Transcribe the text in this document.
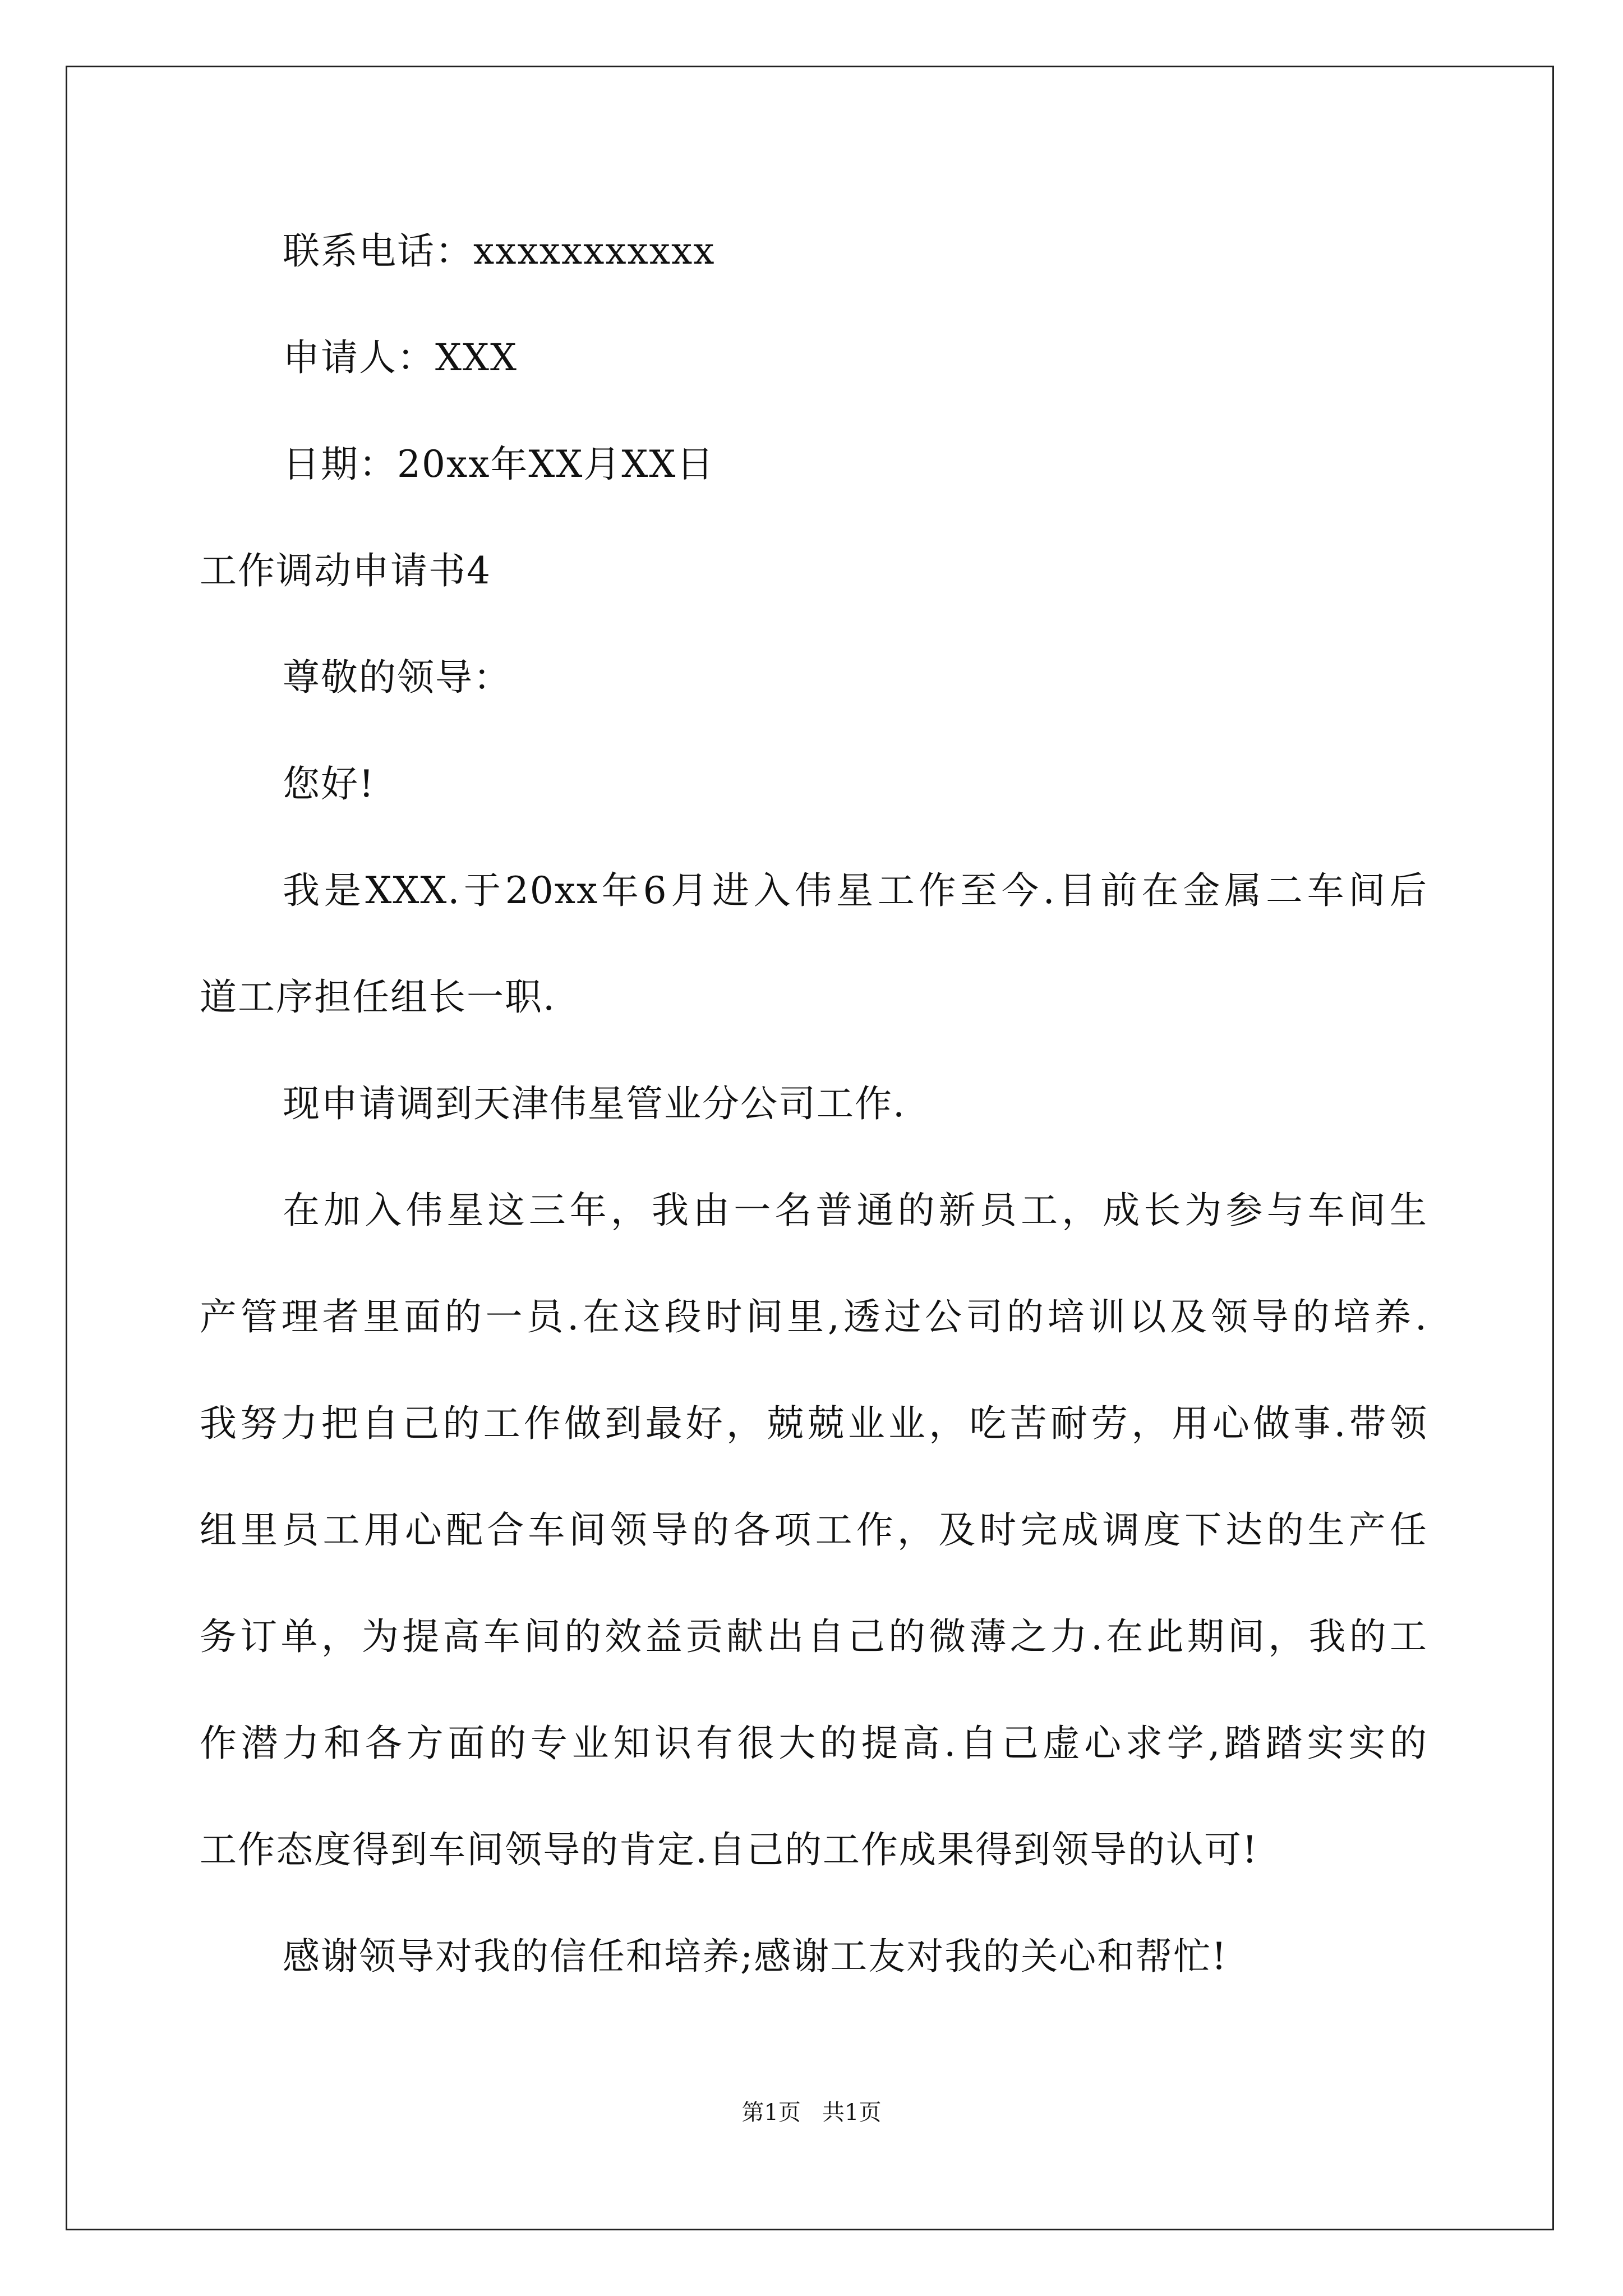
联系电话：xxxxxxxxxxx
申请人：XXX
日期：20xx年XX月XX日
工作调动申请书4
尊敬的领导：
您好!
我是XXX.于20xx年6月进入伟星工作至今.目前在金属二车间后
道工序担任组长一职.
现申请调到天津伟星管业分公司工作.
在加入伟星这三年，我由一名普通的新员工，成长为参与车间生
产管理者里面的一员.在这段时间里,透过公司的培训以及领导的培养.
我努力把自己的工作做到最好，兢兢业业，吃苦耐劳，用心做事.带领
组里员工用心配合车间领导的各项工作，及时完成调度下达的生产任
务订单，为提高车间的效益贡献出自己的微薄之力.在此期间，我的工
作潜力和各方面的专业知识有很大的提高.自己虚心求学,踏踏实实的
工作态度得到车间领导的肯定.自己的工作成果得到领导的认可!
感谢领导对我的信任和培养;感谢工友对我的关心和帮忙!
第1页   共1页
